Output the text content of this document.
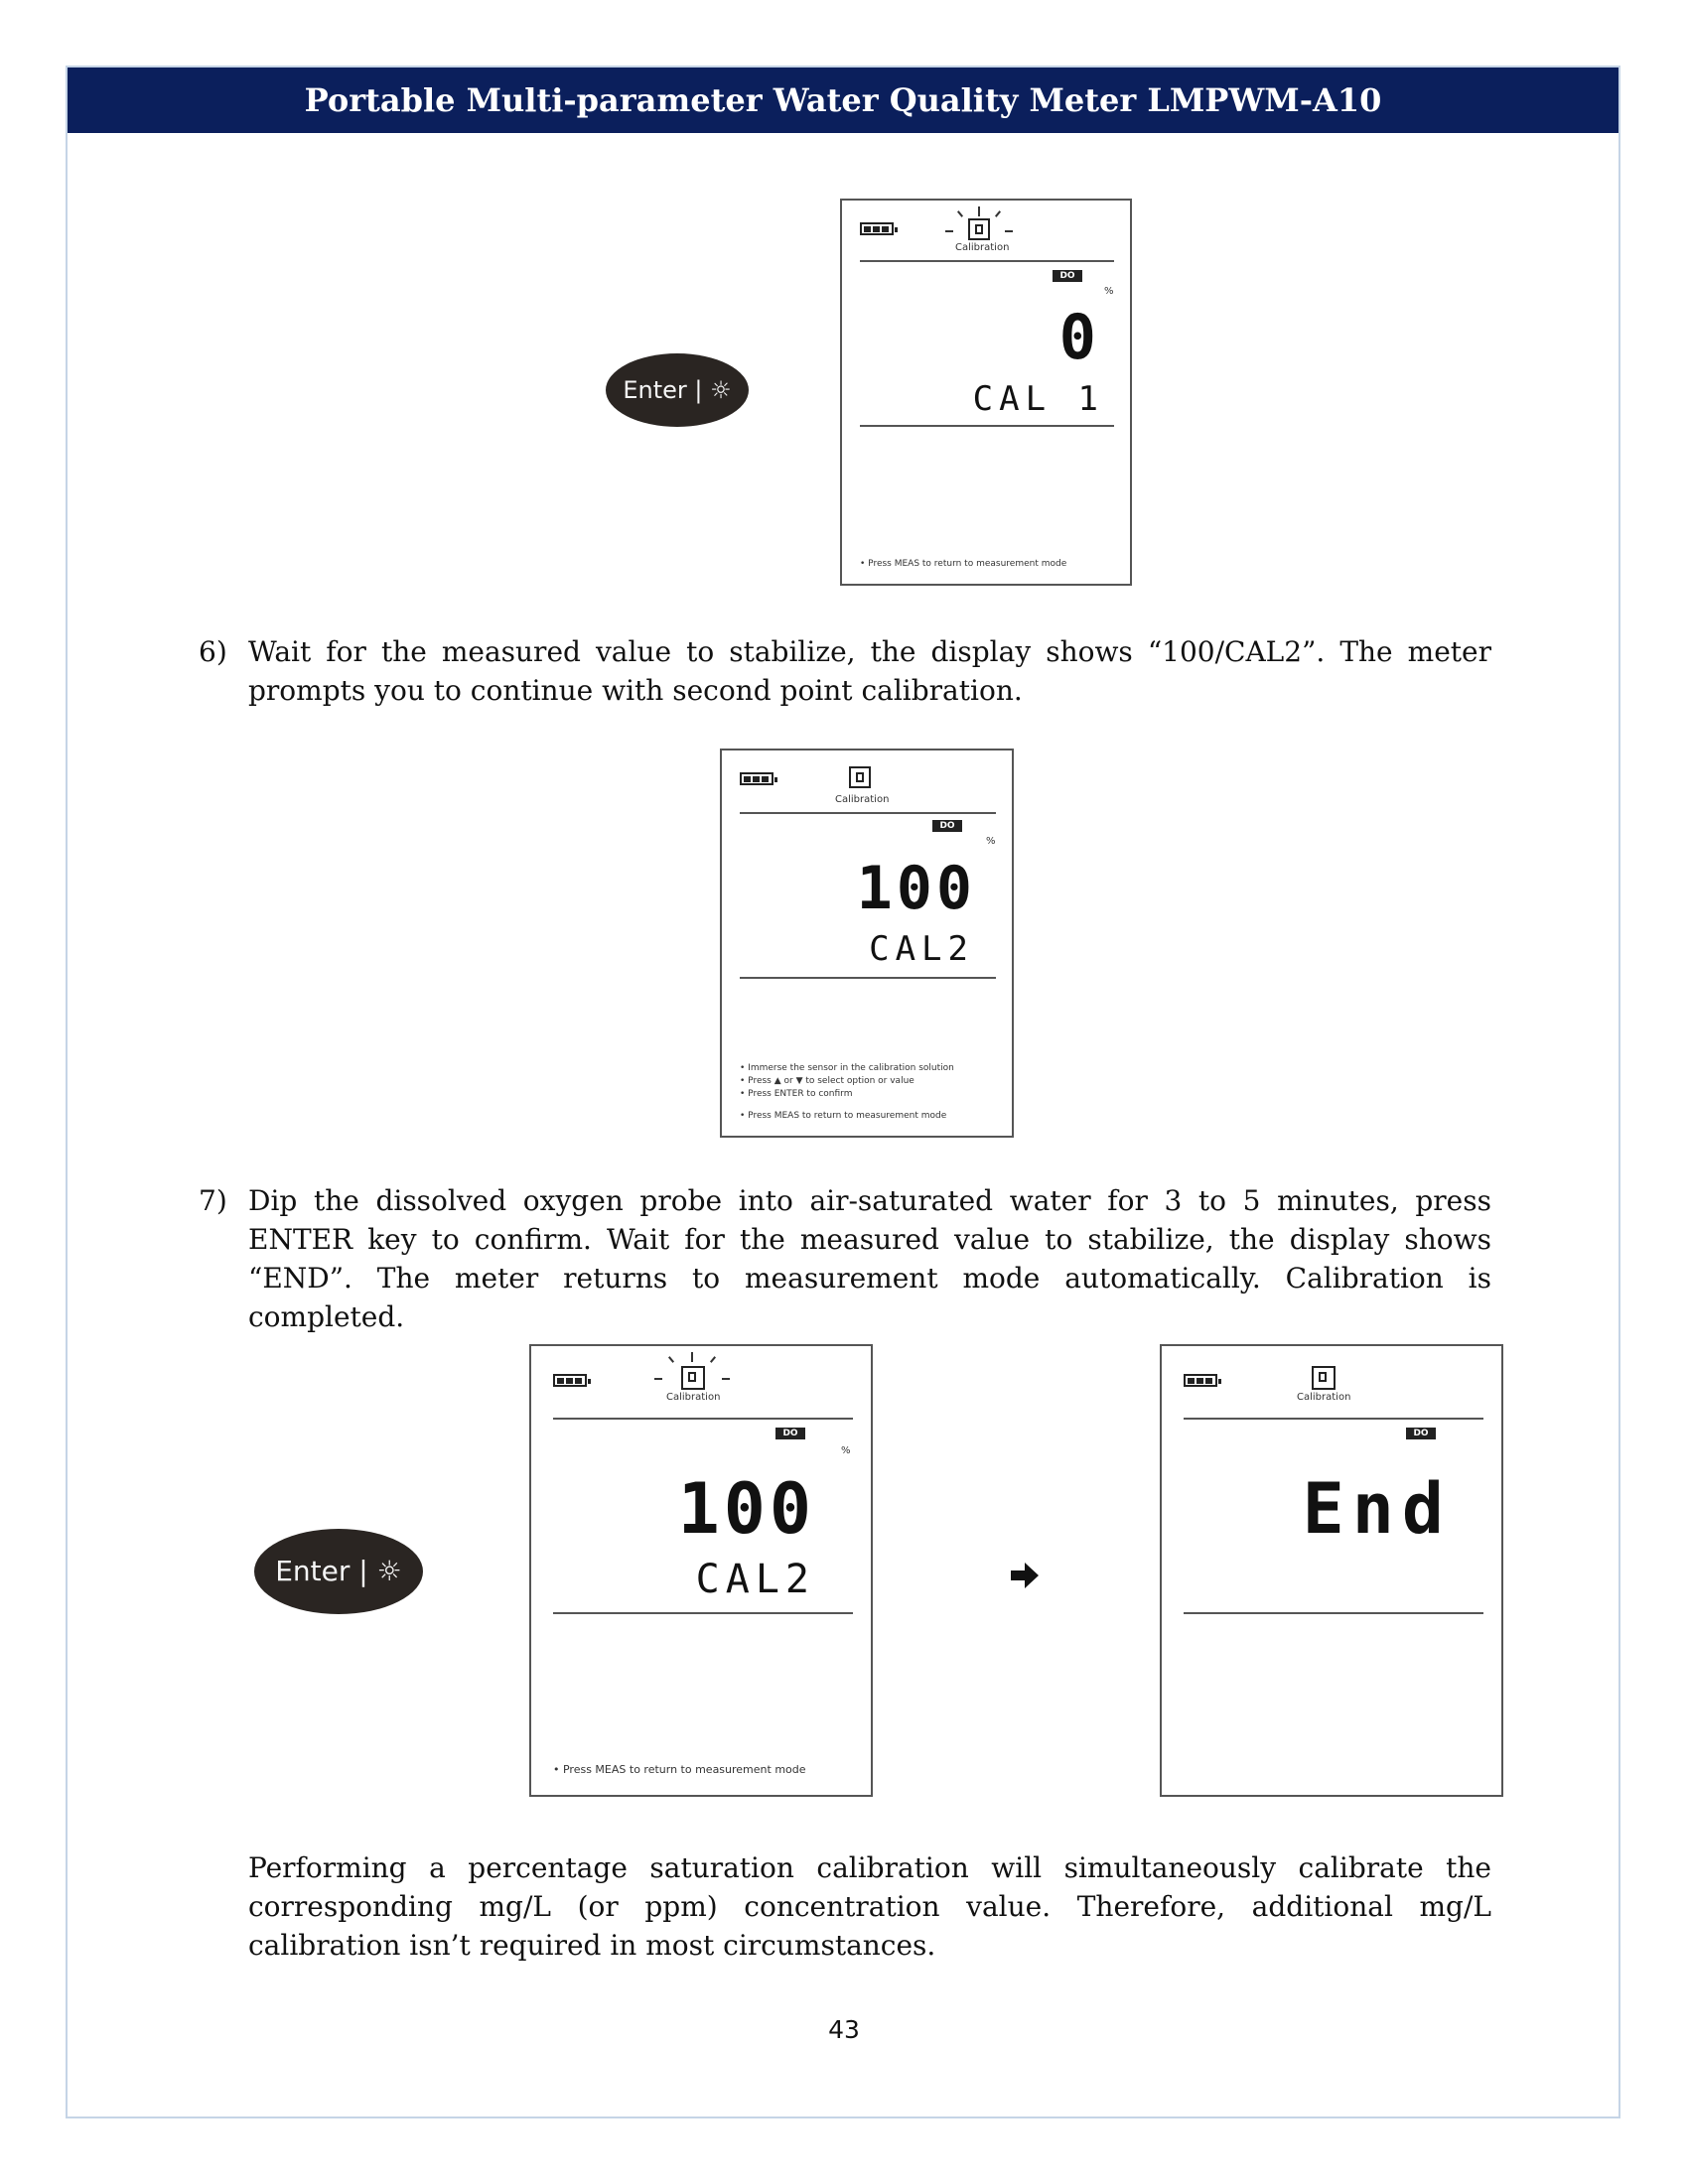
Portable Multi-parameter Water Quality Meter LMPWM-A10
Enter | ☼
Calibration
DO
%
0
CAL 1
• Press MEAS to return to measurement mode
6) Wait for the measured value to stabilize, the display shows “100/CAL2”. The meter prompts you to continue with second point calibration.
Calibration
DO
%
100
CAL2
• Immerse the sensor in the calibration solution
• Press ▲ or ▼ to select option or value
• Press ENTER to confirm
• Press MEAS to return to measurement mode
7) Dip the dissolved oxygen probe into air-saturated water for 3 to 5 minutes, press ENTER key to confirm. Wait for the measured value to stabilize, the display shows “END”. The meter returns to measurement mode automatically. Calibration is completed.
Enter | ☼
Calibration
DO
%
100
CAL2
• Press MEAS to return to measurement mode
Calibration
DO
End
Performing a percentage saturation calibration will simultaneously calibrate the corresponding mg/L (or ppm) concentration value. Therefore, additional mg/L calibration isn’t required in most circumstances.
43
